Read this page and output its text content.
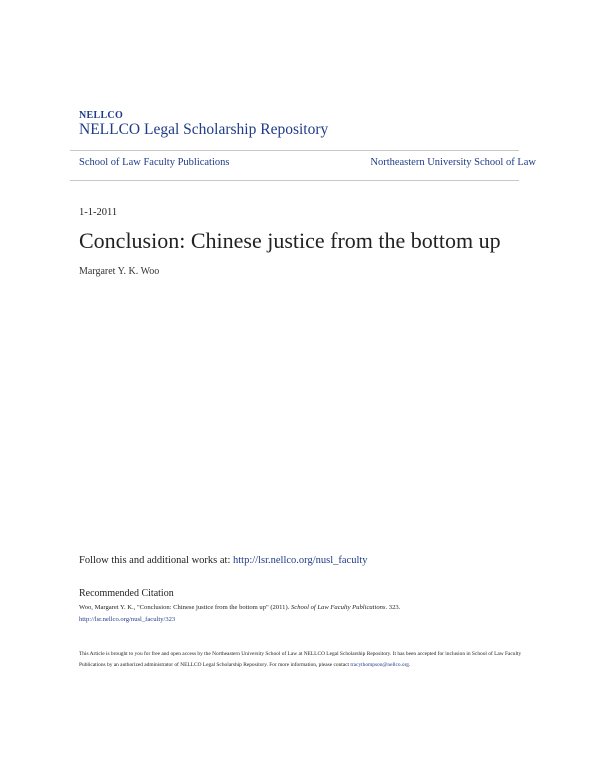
NELLCO
NELLCO Legal Scholarship Repository
School of Law Faculty Publications	Northeastern University School of Law
1-1-2011
Conclusion: Chinese justice from the bottom up
Margaret Y. K. Woo
Follow this and additional works at: http://lsr.nellco.org/nusl_faculty
Recommended Citation
Woo, Margaret Y. K., "Conclusion: Chinese justice from the bottom up" (2011). School of Law Faculty Publications. 323.
http://lsr.nellco.org/nusl_faculty/323
This Article is brought to you for free and open access by the Northeastern University School of Law at NELLCO Legal Scholarship Repository. It has been accepted for inclusion in School of Law Faculty Publications by an authorized administrator of NELLCO Legal Scholarship Repository. For more information, please contact tracythompson@nellco.org.
